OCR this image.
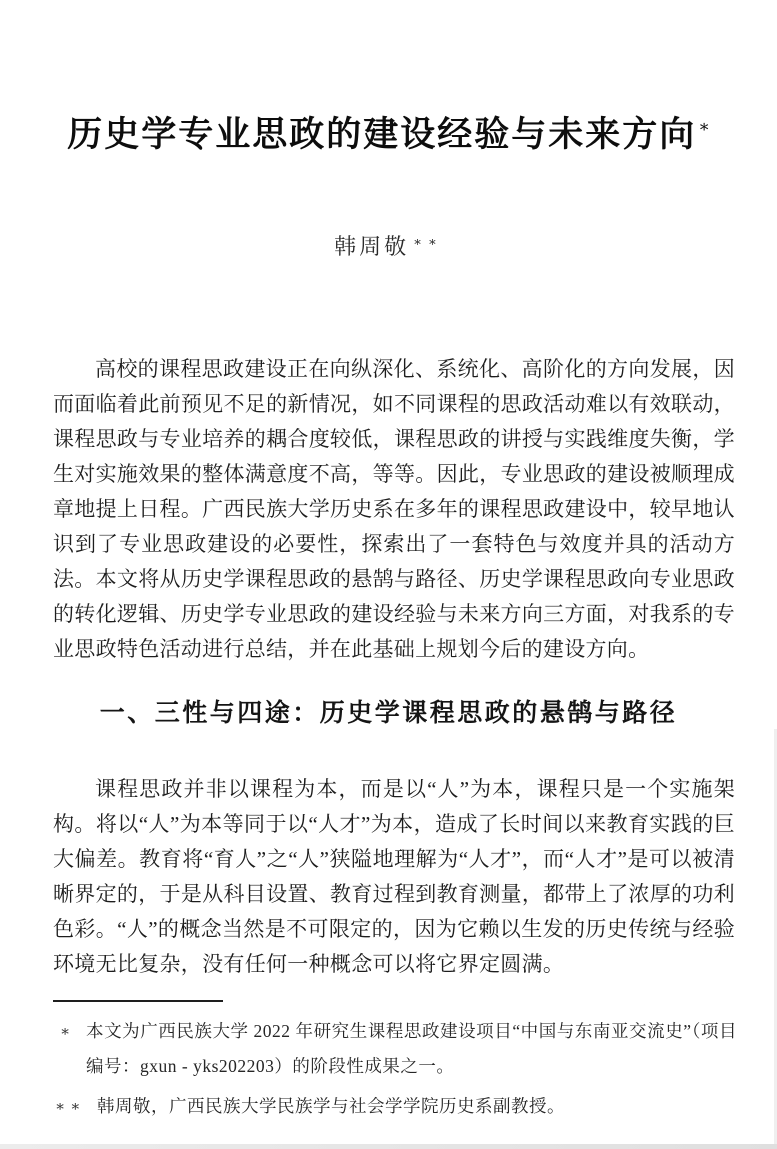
历史学专业思政的建设经验与未来方向 ∗
韩周敬 ∗∗

高校的课程思政建设正在向纵深化、系统化、高阶化的方向发展，因而面临着此前预见不足的新情况，如不同课程的思政活动难以有效联动，课程思政与专业培养的耦合度较低，课程思政的讲授与实践维度失衡，学生对实施效果的整体满意度不高，等等。因此，专业思政的建设被顺理成章地提上日程。广西民族大学历史系在多年的课程思政建设中，较早地认识到了专业思政建设的必要性，探索出了一套特色与效度并具的活动方法。本文将从历史学课程思政的悬鹄与路径、历史学课程思政向专业思政的转化逻辑、历史学专业思政的建设经验与未来方向三方面，对我系的专业思政特色活动进行总结，并在此基础上规划今后的建设方向。

一、三性与四途：历史学课程思政的悬鹄与路径

课程思政并非以课程为本，而是以“人”为本，课程只是一个实施架构。将以“人”为本等同于以“人才”为本，造成了长时间以来教育实践的巨大偏差。教育将“育人”之“人”狭隘地理解为“人才”，而“人才”是可以被清晰界定的，于是从科目设置、教育过程到教育测量，都带上了浓厚的功利色彩。“人”的概念当然是不可限定的，因为它赖以生发的历史传统与经验环境无比复杂，没有任何一种概念可以将它界定圆满。

∗ 本文为广西民族大学 2022 年研究生课程思政建设项目“中国与东南亚交流史”（项目编号：gxun - yks202203）的阶段性成果之一。
∗∗ 韩周敬，广西民族大学民族学与社会学学院历史系副教授。
